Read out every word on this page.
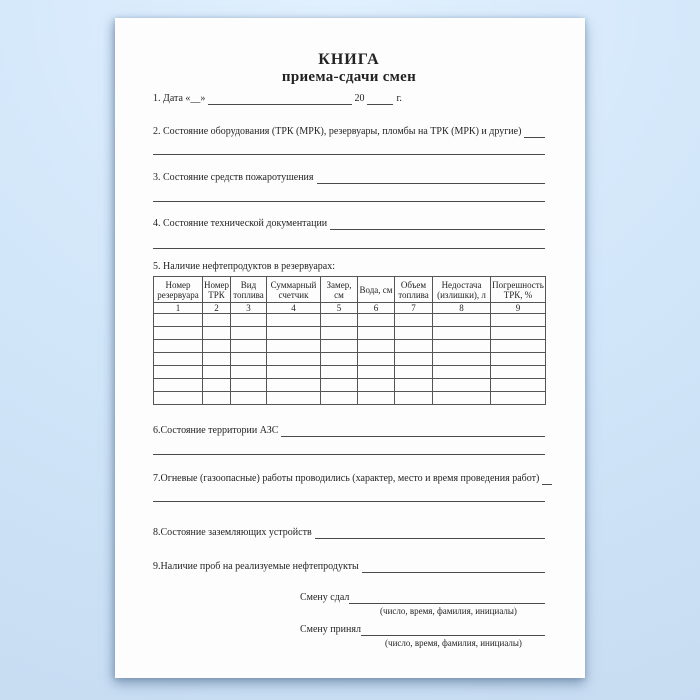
КНИГА
приема-сдачи смен
1. Дата «__»	20	г.
2. Состояние оборудования (ТРК (МРК), резервуары, пломбы на ТРК (МРК) и другие)
3. Состояние средств пожаротушения
4. Состояние технической документации
5. Наличие нефтепродуктов в резервуарах:
Номер резервуара	Номер ТРК	Вид топлива	Суммарный счетчик	Замер, см	Вода, см	Объем топлива	Недостача (излишки), л	Погрешность ТРК, %
1	2	3	4	5	6	7	8	9

6.Состояние территории АЗС
7.Огневые (газоопасные) работы проводились (характер, место и время проведения работ)
8.Состояние заземляющих устройств
9.Наличие проб на реализуемые нефтепродукты
Смену сдал
(число, время, фамилия, инициалы)
Смену принял
(число, время, фамилия, инициалы)
